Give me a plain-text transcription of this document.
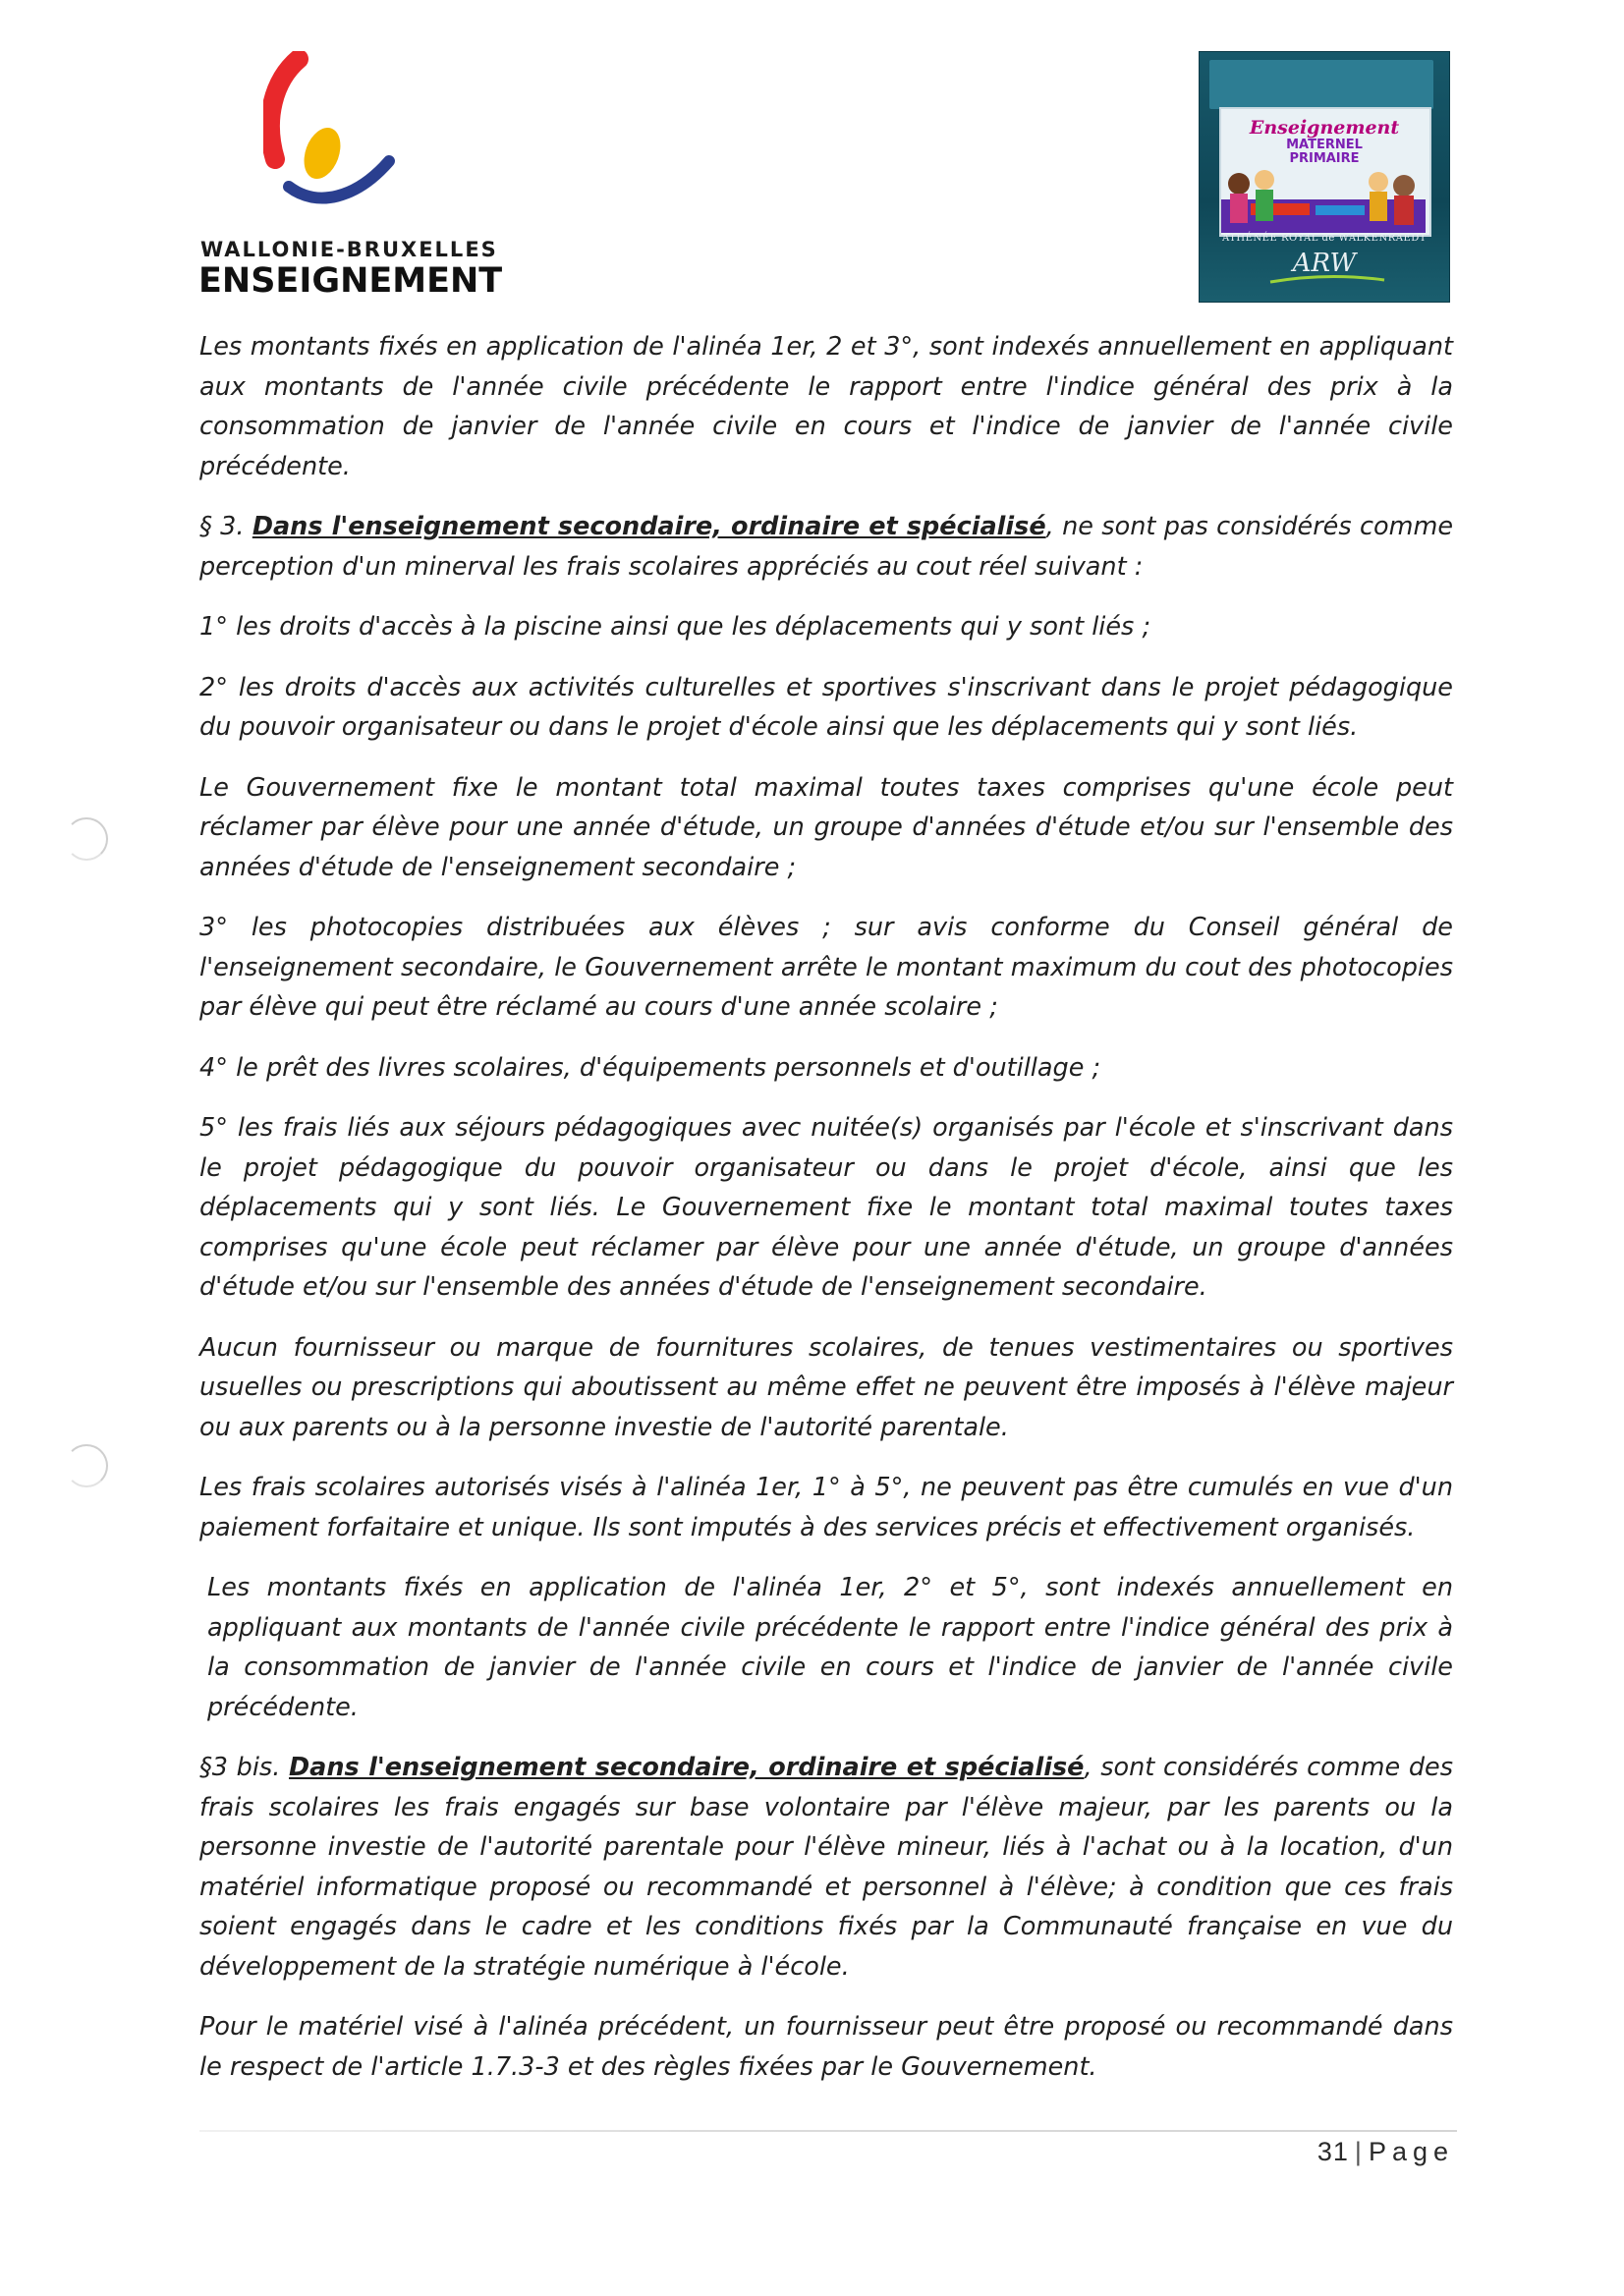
WALLONIE-BRUXELLES
ENSEIGNEMENT
Enseignement
MATERNEL
PRIMAIRE
ATHÉNÉE ROYAL de WALKENRAEDT
ARW

Les montants fixés en application de l'alinéa 1er, 2 et 3°, sont indexés annuellement en appliquant aux montants de l'année civile précédente le rapport entre l'indice général des prix à la consommation de janvier de l'année civile en cours et l'indice de janvier de l'année civile précédente.

§ 3. Dans l'enseignement secondaire, ordinaire et spécialisé, ne sont pas considérés comme perception d'un minerval les frais scolaires appréciés au cout réel suivant :

1° les droits d'accès à la piscine ainsi que les déplacements qui y sont liés ;

2° les droits d'accès aux activités culturelles et sportives s'inscrivant dans le projet pédagogique du pouvoir organisateur ou dans le projet d'école ainsi que les déplacements qui y sont liés.

Le Gouvernement fixe le montant total maximal toutes taxes comprises qu'une école peut réclamer par élève pour une année d'étude, un groupe d'années d'étude et/ou sur l'ensemble des années d'étude de l'enseignement secondaire ;

3° les photocopies distribuées aux élèves ; sur avis conforme du Conseil général de l'enseignement secondaire, le Gouvernement arrête le montant maximum du cout des photocopies par élève qui peut être réclamé au cours d'une année scolaire ;

4° le prêt des livres scolaires, d'équipements personnels et d'outillage ;

5° les frais liés aux séjours pédagogiques avec nuitée(s) organisés par l'école et s'inscrivant dans le projet pédagogique du pouvoir organisateur ou dans le projet d'école, ainsi que les déplacements qui y sont liés. Le Gouvernement fixe le montant total maximal toutes taxes comprises qu'une école peut réclamer par élève pour une année d'étude, un groupe d'années d'étude et/ou sur l'ensemble des années d'étude de l'enseignement secondaire.

Aucun fournisseur ou marque de fournitures scolaires, de tenues vestimentaires ou sportives usuelles ou prescriptions qui aboutissent au même effet ne peuvent être imposés à l'élève majeur ou aux parents ou à la personne investie de l'autorité parentale.

Les frais scolaires autorisés visés à l'alinéa 1er, 1° à 5°, ne peuvent pas être cumulés en vue d'un paiement forfaitaire et unique. Ils sont imputés à des services précis et effectivement organisés.

Les montants fixés en application de l'alinéa 1er, 2° et 5°, sont indexés annuellement en appliquant aux montants de l'année civile précédente le rapport entre l'indice général des prix à la consommation de janvier de l'année civile en cours et l'indice de janvier de l'année civile précédente.

§3 bis. Dans l'enseignement secondaire, ordinaire et spécialisé, sont considérés comme des frais scolaires les frais engagés sur base volontaire par l'élève majeur, par les parents ou la personne investie de l'autorité parentale pour l'élève mineur, liés à l'achat ou à la location, d'un matériel informatique proposé ou recommandé et personnel à l'élève; à condition que ces frais soient engagés dans le cadre et les conditions fixés par la Communauté française en vue du développement de la stratégie numérique à l'école.

Pour le matériel visé à l'alinéa précédent, un fournisseur peut être proposé ou recommandé dans le respect de l'article 1.7.3-3 et des règles fixées par le Gouvernement.

31 | Page
